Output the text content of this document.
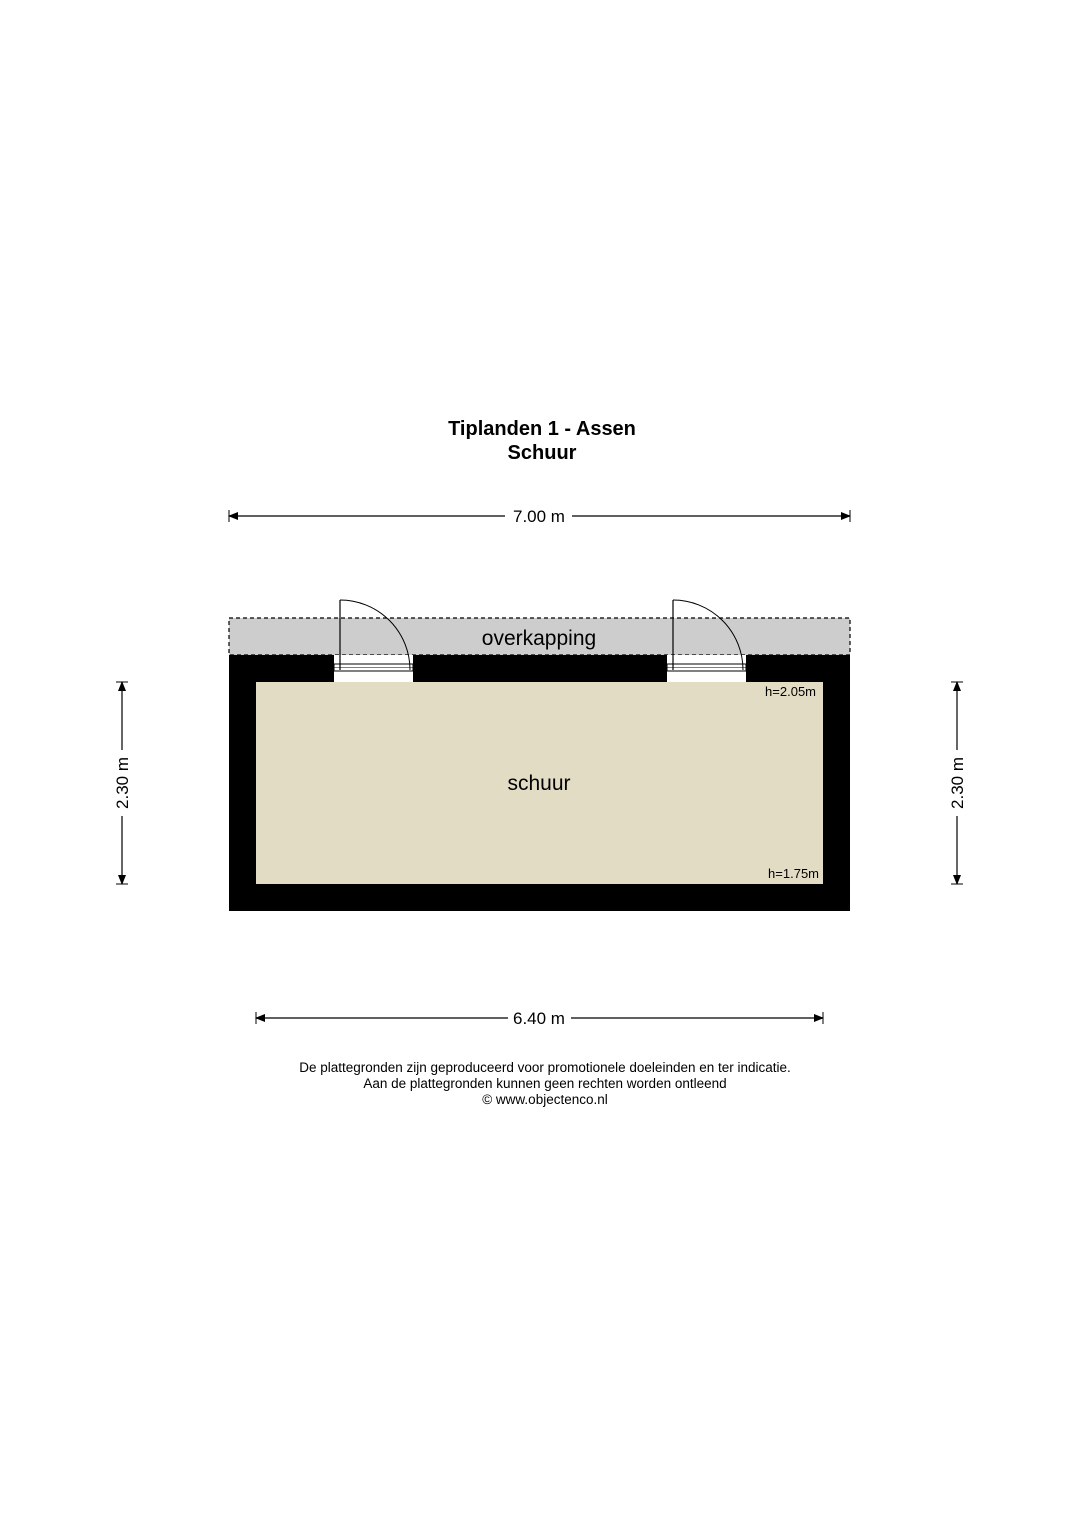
Tiplanden 1 - Assen
Schuur
7.00 m
overkapping
schuur
h=2.05m
h=1.75m
2.30 m	2.30 m
6.40 m
De plattegronden zijn geproduceerd voor promotionele doeleinden en ter indicatie.
Aan de plattegronden kunnen geen rechten worden ontleend
© www.objectenco.nl
